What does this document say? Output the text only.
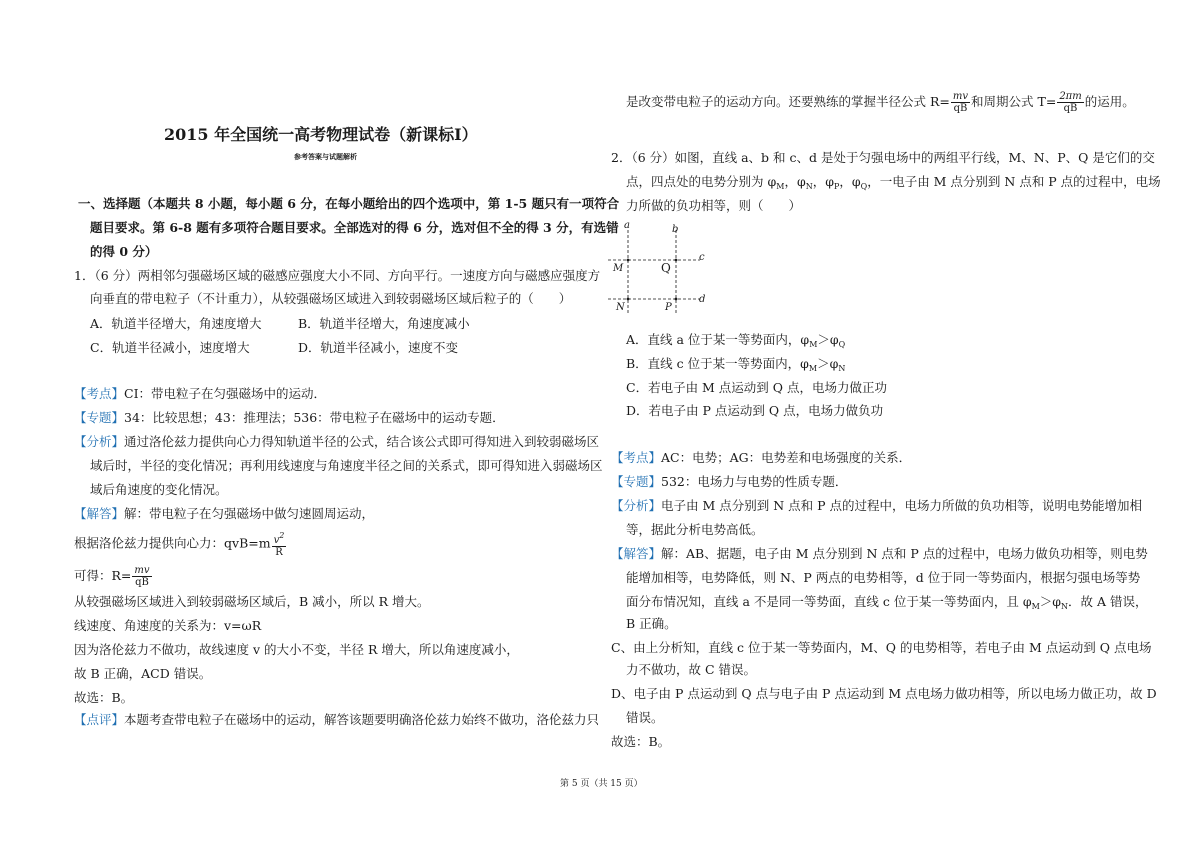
2015 年全国统一高考物理试卷（新课标Ⅰ）
参考答案与试题解析
一、选择题（本题共 8 小题，每小题 6 分，在每小题给出的四个选项中，第 1-5 题只有一项符合
题目要求。第 6-8 题有多项符合题目要求。全部选对的得 6 分，选对但不全的得 3 分，有选错
的得 0 分）
1．（6 分）两相邻匀强磁场区域的磁感应强度大小不同、方向平行。一速度方向与磁感应强度方
向垂直的带电粒子（不计重力），从较强磁场区域进入到较弱磁场区域后粒子的（　　）
A．轨道半径增大，角速度增大	B．轨道半径增大，角速度减小
C．轨道半径减小，速度增大	D．轨道半径减小，速度不变
【考点】CI：带电粒子在匀强磁场中的运动．
【专题】34：比较思想；43：推理法；536：带电粒子在磁场中的运动专题．
【分析】通过洛伦兹力提供向心力得知轨道半径的公式，结合该公式即可得知进入到较弱磁场区
域后时，半径的变化情况；再利用线速度与角速度半径之间的关系式，即可得知进入弱磁场区
域后角速度的变化情况。
【解答】解：带电粒子在匀强磁场中做匀速圆周运动，
根据洛伦兹力提供向心力：$qvB=m \frac{v^2}{R}$
可得：$R= \frac{mv}{qB}$
从较强磁场区域进入到较弱磁场区域后，B 减小，所以 R 增大。
线速度、角速度的关系为：v=ωR
因为洛伦兹力不做功，故线速度 v 的大小不变，半径 R 增大，所以角速度减小，
故 B 正确，ACD 错误。
故选：B。
【点评】本题考查带电粒子在磁场中的运动，解答该题要明确洛伦兹力始终不做功，洛伦兹力只
是改变带电粒子的运动方向。还要熟练的掌握半径公式 $R= \frac{mv}{qB}$ 和周期公式 $T= \frac{2\pi m}{qB}$ 的运用。
2．（6 分）如图，直线 a、b 和 c、d 是处于匀强电场中的两组平行线，M、N、P、Q 是它们的交
点，四点处的电势分别为 $\varphi_M$，$\varphi_N$，$\varphi_P$，$\varphi_Q$，一电子由 M 点分别到 N 点和 P 点的过程中，电场
力所做的负功相等，则（　　）
a	b
c
d
M	Q
N	P
A．直线 a 位于某一等势面内，$\varphi_M>\varphi_Q$
B．直线 c 位于某一等势面内，$\varphi_M>\varphi_N$
C．若电子由 M 点运动到 Q 点，电场力做正功
D．若电子由 P 点运动到 Q 点，电场力做负功
【考点】AC：电势；AG：电势差和电场强度的关系．
【专题】532：电场力与电势的性质专题．
【分析】电子由 M 点分别到 N 点和 P 点的过程中，电场力所做的负功相等，说明电势能增加相
等，据此分析电势高低。
【解答】解：AB、据题，电子由 M 点分别到 N 点和 P 点的过程中，电场力做负功相等，则电势
能增加相等，电势降低，则 N、P 两点的电势相等，d 位于同一等势面内，根据匀强电场等势
面分布情况知，直线 a 不是同一等势面，直线 c 位于某一等势面内，且 $\varphi_M>\varphi_N$．故 A 错误，
B 正确。
C、由上分析知，直线 c 位于某一等势面内，M、Q 的电势相等，若电子由 M 点运动到 Q 点电场
力不做功，故 C 错误。
D、电子由 P 点运动到 Q 点与电子由 P 点运动到 M 点电场力做功相等，所以电场力做正功，故 D
错误。
故选：B。
第 5 页（共 15 页）
